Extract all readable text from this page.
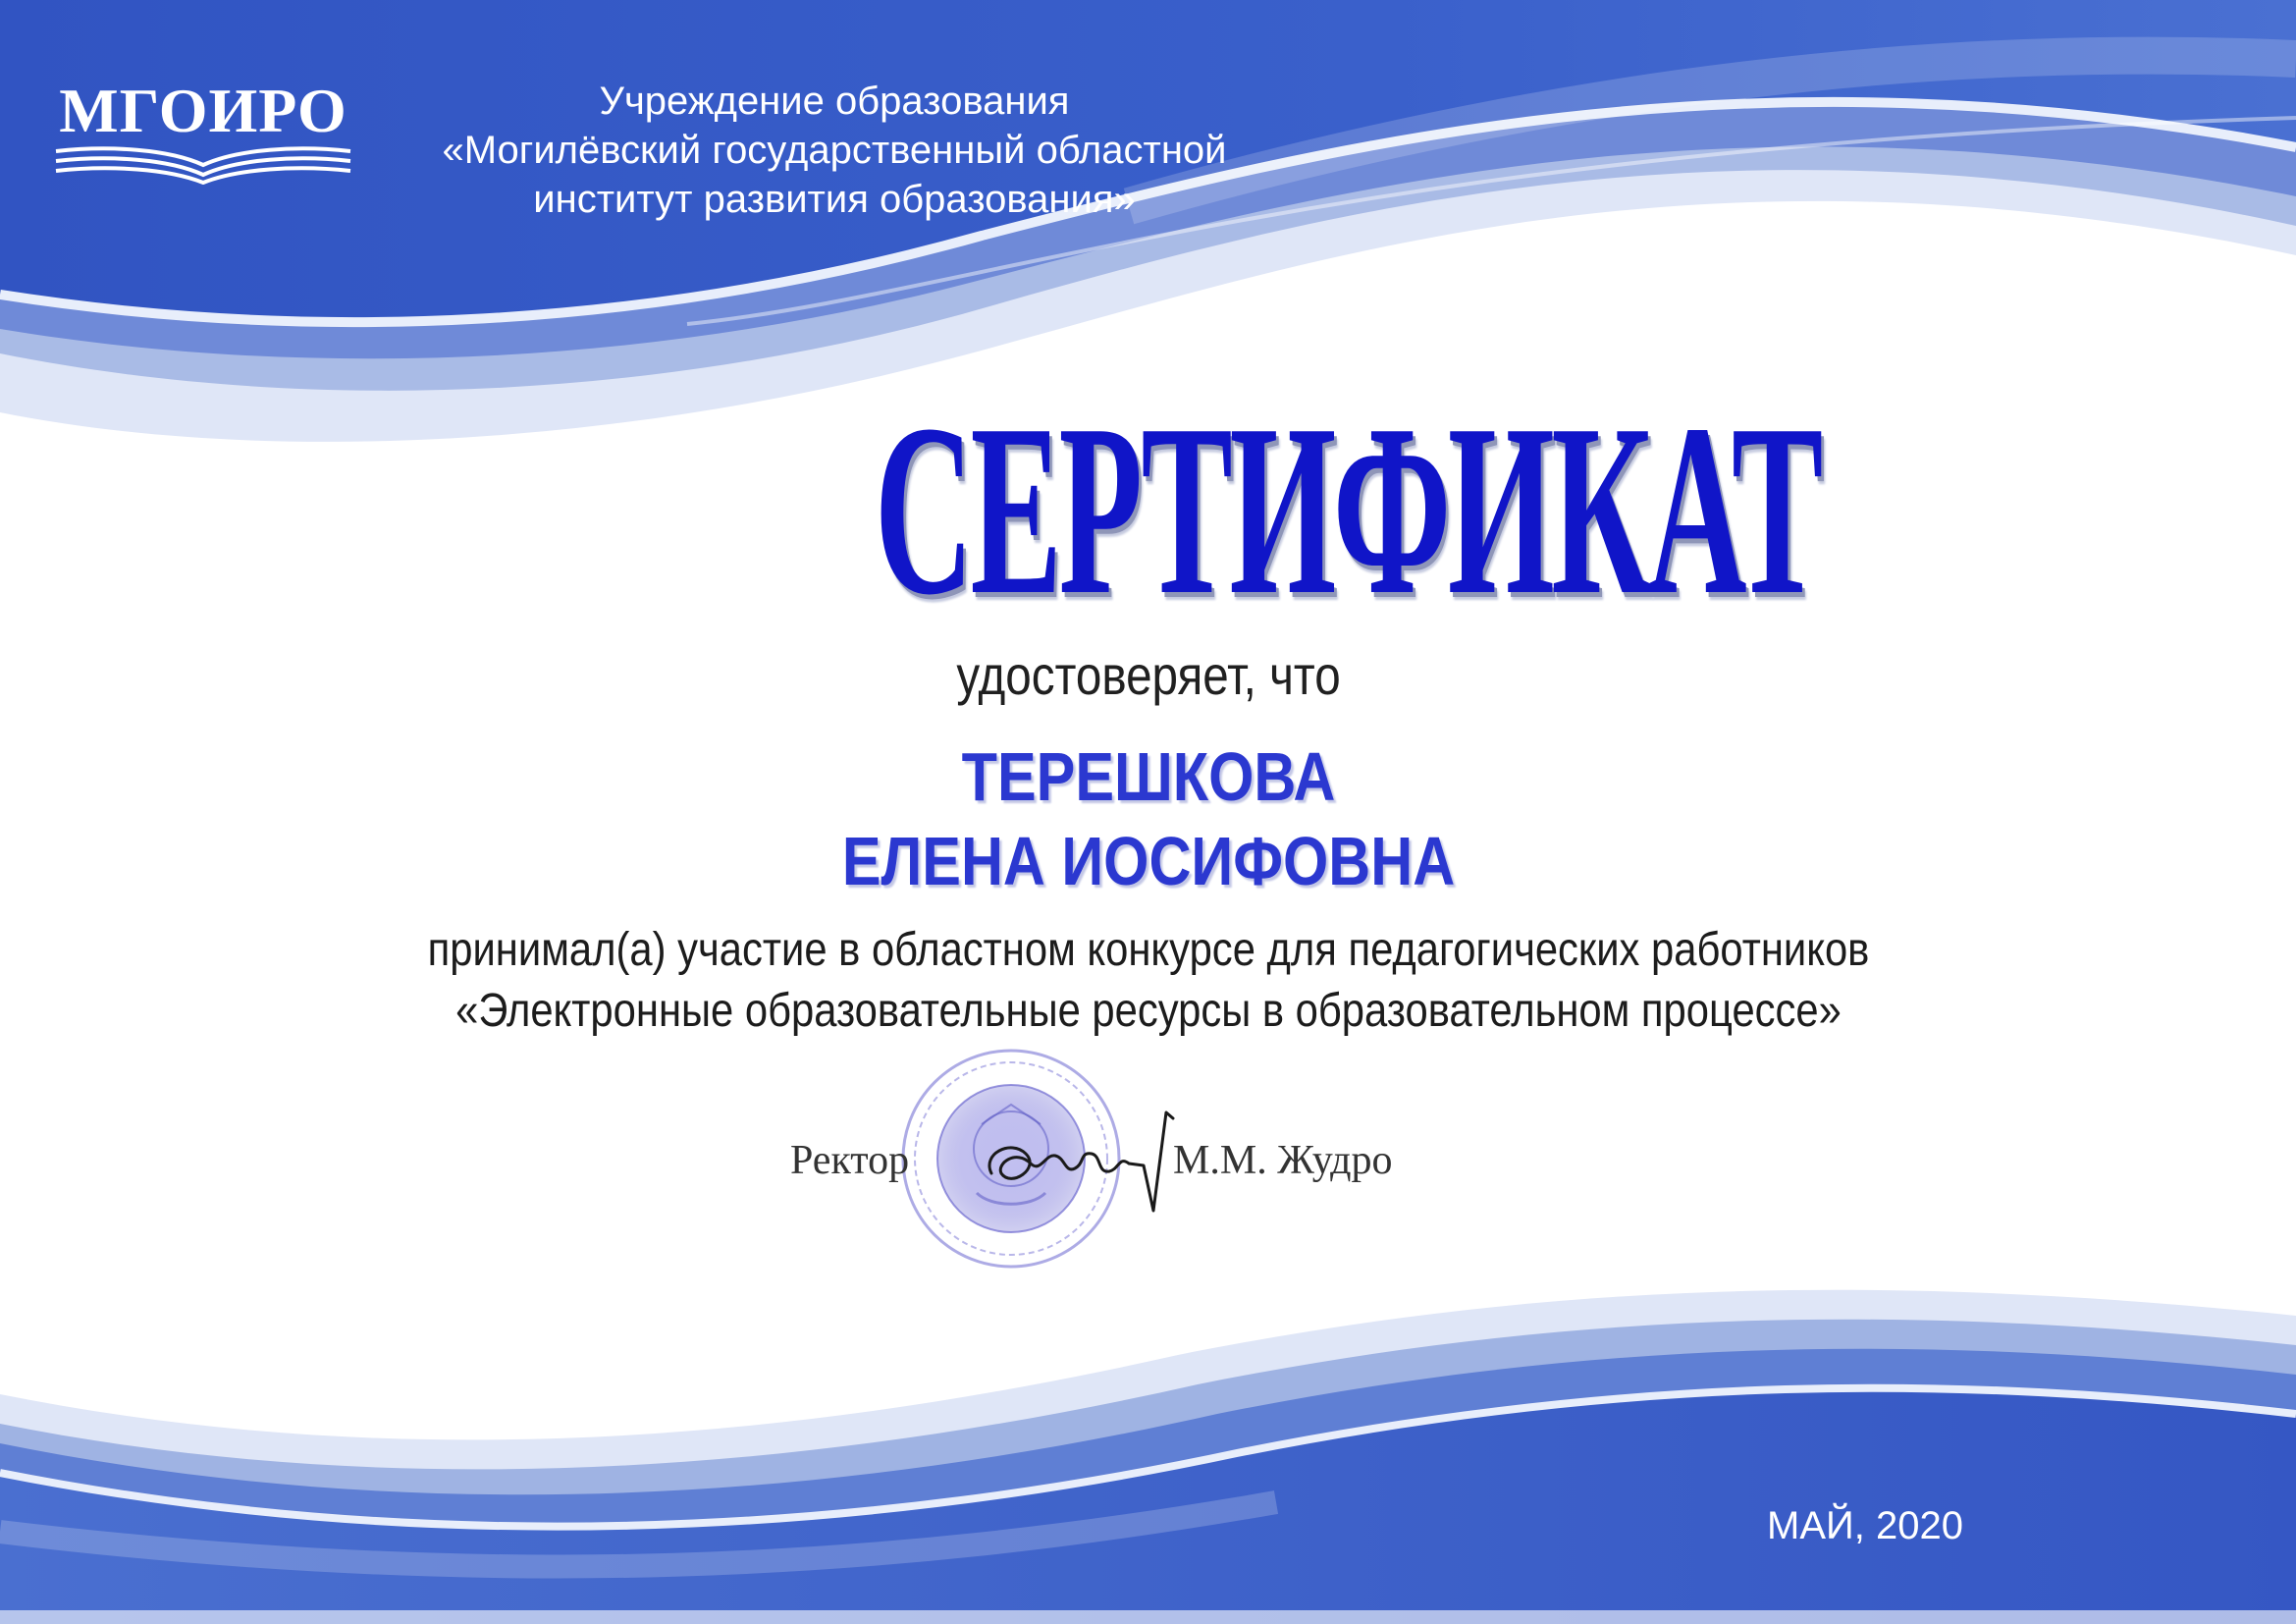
МГОИРО	Учреждение образования
«Могилёвский государственный областной
институт развития образования»
СЕРТИФИКАТ
удостоверяет, что
ТЕРЕШКОВА
ЕЛЕНА ИОСИФОВНА
принимал(а) участие в областном конкурсе для педагогических работников
«Электронные образовательные ресурсы в образовательном процессе»
Ректор	М.М. Жудро
МАЙ, 2020
